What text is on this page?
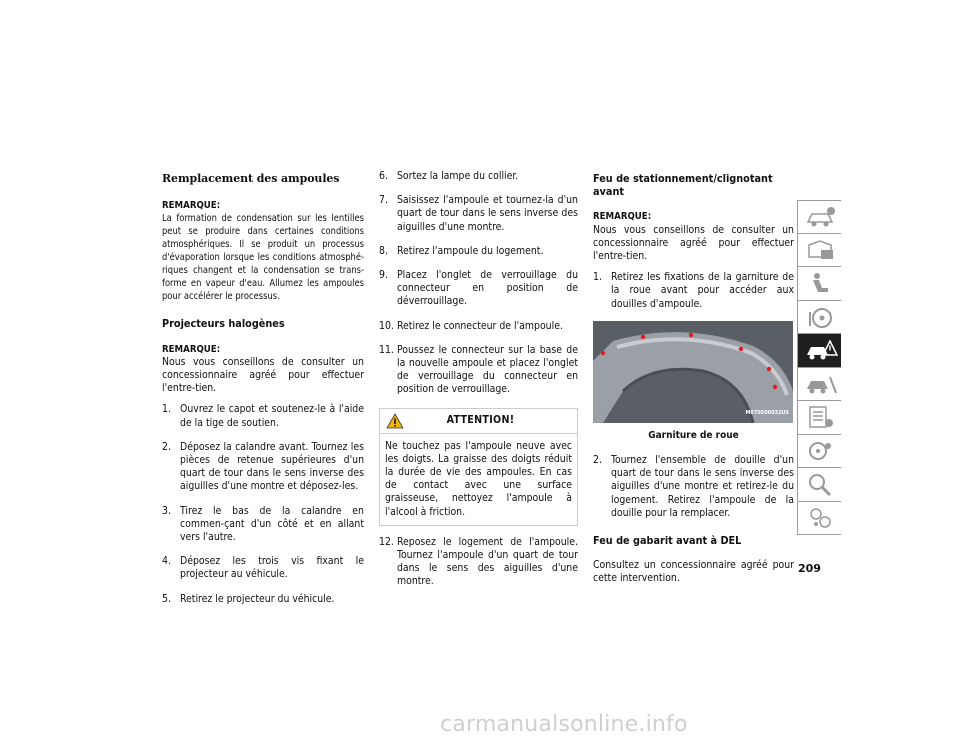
Remplacement des ampoules

REMARQUE:

La formation de condensation sur les lentilles peut se produire dans certaines conditions atmosphériques. Il se produit un processus d'évaporation lorsque les conditions atmosphé-riques changent et la condensation se trans-forme en vapeur d'eau. Allumez les ampoules pour accélérer le processus.

Projecteurs halogènes

REMARQUE:

Nous vous conseillons de consulter un concessionnaire agréé pour effectuer l'entre-tien.

1. Ouvrez le capot et soutenez-le à l'aide de la tige de soutien.
2. Déposez la calandre avant. Tournez les pièces de retenue supérieures d'un quart de tour dans le sens inverse des aiguilles d'une montre et déposez-les.
3. Tirez le bas de la calandre en commen-çant d'un côté et en allant vers l'autre.
4. Déposez les trois vis fixant le projecteur au véhicule.
5. Retirez le projecteur du véhicule.
6. Sortez la lampe du collier.
7. Saisissez l'ampoule et tournez-la d'un quart de tour dans le sens inverse des aiguilles d'une montre.
8. Retirez l'ampoule du logement.
9. Placez l'onglet de verrouillage du connecteur en position de déverrouillage.
10. Retirez le connecteur de l'ampoule.
11. Poussez le connecteur sur la base de la nouvelle ampoule et placez l'onglet de verrouillage du connecteur en position de verrouillage.
ATTENTION!
Ne touchez pas l'ampoule neuve avec les doigts. La graisse des doigts réduit la durée de vie des ampoules. En cas de contact avec une surface graisseuse, nettoyez l'ampoule à l'alcool à friction.
12. Reposez le logement de l'ampoule. Tournez l'ampoule d'un quart de tour dans le sens des aiguilles d'une montre.
Feu de stationnement/clignotant avant

REMARQUE:

Nous vous conseillons de consulter un concessionnaire agréé pour effectuer l'entre-tien.

1. Retirez les fixations de la garniture de la roue avant pour accéder aux douilles d'ampoule.
M070500032US

Garniture de roue

2. Tournez l'ensemble de douille d'un quart de tour dans le sens inverse des aiguilles d'une montre et retirez-le du logement. Retirez l'ampoule de la douille pour la remplacer.
Feu de gabarit avant à DEL

Consultez un concessionnaire agréé pour cette intervention.

209
carmanualsonline.info
